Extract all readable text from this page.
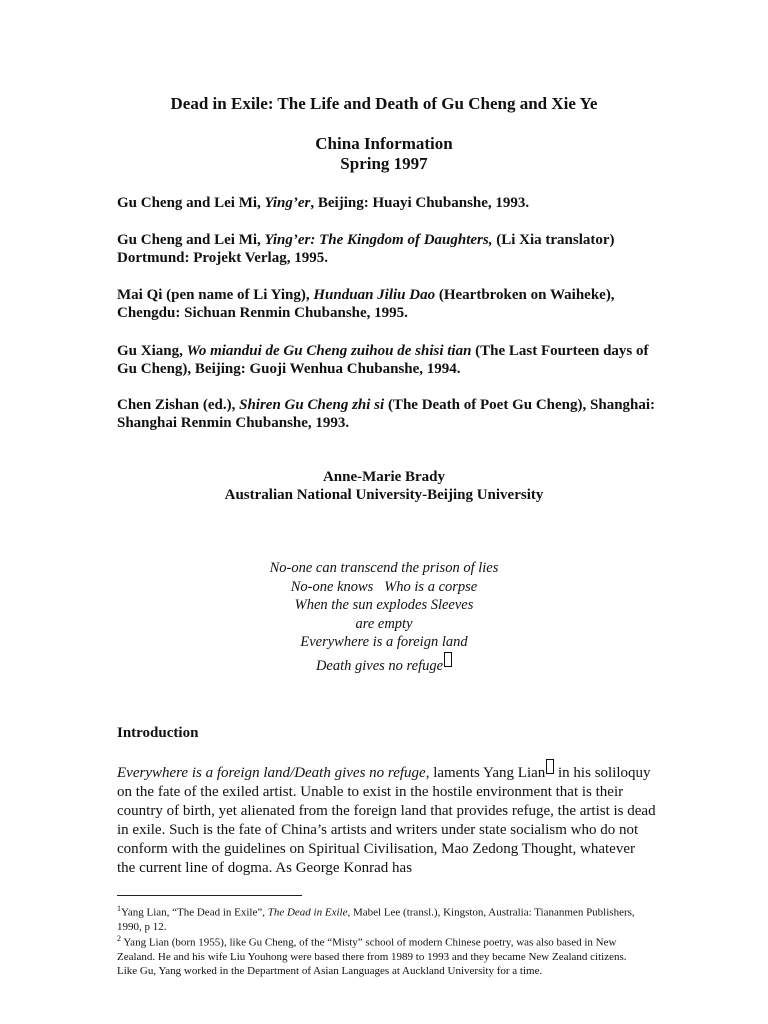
Dead in Exile: The Life and Death of Gu Cheng and Xie Ye
China Information
Spring 1997
Gu Cheng and Lei Mi, Ying’er, Beijing: Huayi Chubanshe, 1993.
Gu Cheng and Lei Mi, Ying’er: The Kingdom of Daughters, (Li Xia translator) Dortmund: Projekt Verlag, 1995.
Mai Qi (pen name of Li Ying), Hunduan Jiliu Dao (Heartbroken on Waiheke), Chengdu: Sichuan Renmin Chubanshe, 1995.
Gu Xiang, Wo miandui de Gu Cheng zuihou de shisi tian (The Last Fourteen days of Gu Cheng), Beijing: Guoji Wenhua Chubanshe, 1994.
Chen Zishan (ed.), Shiren Gu Cheng zhi si (The Death of Poet Gu Cheng), Shanghai: Shanghai Renmin Chubanshe, 1993.
Anne-Marie Brady
Australian National University-Beijing University
No-one can transcend the prison of lies
No-one knows   Who is a corpse
When the sun explodes Sleeves
are empty
Everywhere is a foreign land
Death gives no refuge
Introduction
Everywhere is a foreign land/Death gives no refuge, laments Yang Lian in his soliloquy on the fate of the exiled artist. Unable to exist in the hostile environment that is their country of birth, yet alienated from the foreign land that provides refuge, the artist is dead in exile. Such is the fate of China’s artists and writers under state socialism who do not conform with the guidelines on Spiritual Civilisation, Mao Zedong Thought, whatever the current line of dogma. As George Konrad has
$^1$Yang Lian, “The Dead in Exile”, The Dead in Exile, Mabel Lee (transl.), Kingston, Australia: Tiananmen Publishers, 1990, p 12.
$^2$ Yang Lian (born 1955), like Gu Cheng, of the “Misty” school of modern Chinese poetry, was also based in New Zealand. He and his wife Liu Youhong were based there from 1989 to 1993 and they became New Zealand citizens. Like Gu, Yang worked in the Department of Asian Languages at Auckland University for a time.
